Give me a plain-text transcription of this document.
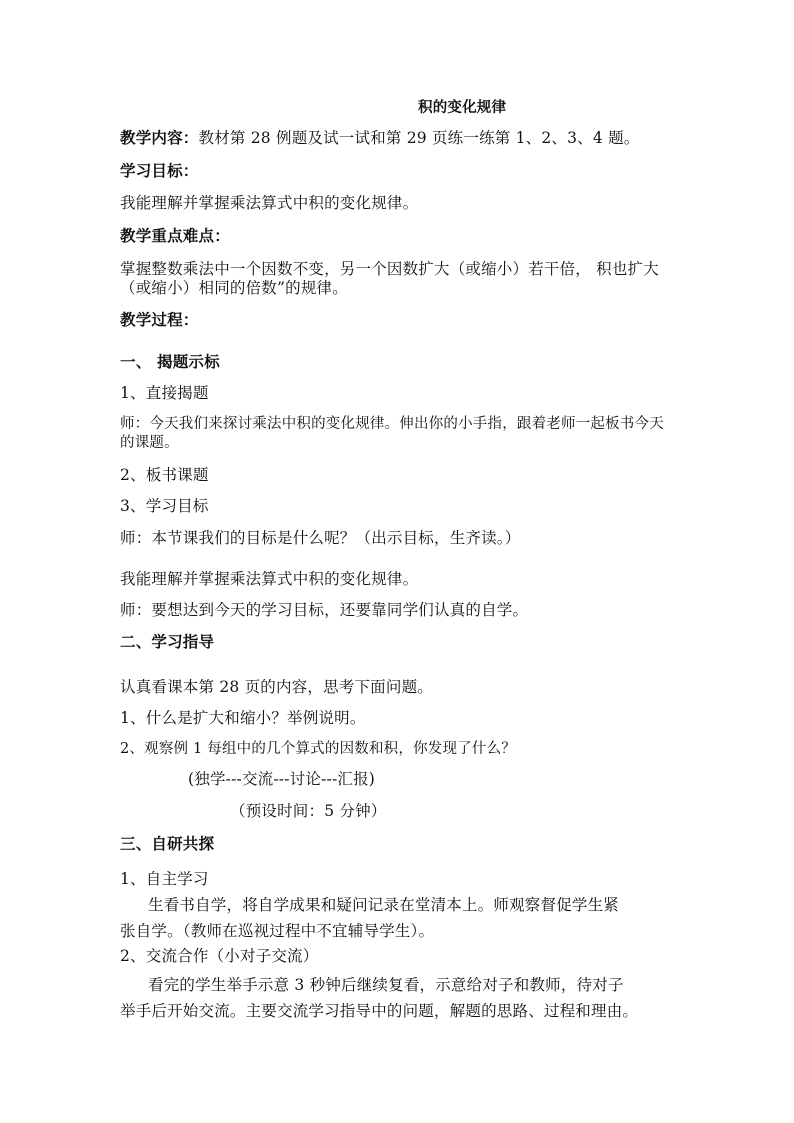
积的变化规律
教学内容：教材第 28 例题及试一试和第 29 页练一练第 1、2、3、4 题。
学习目标：
我能理解并掌握乘法算式中积的变化规律。
教学重点难点：
掌握整数乘法中一个因数不变，另一个因数扩大（或缩小）若干倍， 积也扩大
（或缩小）相同的倍数”的规律。
教学过程：
一、 揭题示标
1、直接揭题
师：今天我们来探讨乘法中积的变化规律。伸出你的小手指，跟着老师一起板书今天
的课题。
2、板书课题
3、学习目标
师：本节课我们的目标是什么呢？（出示目标，生齐读。）
我能理解并掌握乘法算式中积的变化规律。
师：要想达到今天的学习目标，还要靠同学们认真的自学。
二、学习指导
认真看课本第 28 页的内容，思考下面问题。
1、什么是扩大和缩小？举例说明。
2、观察例 1 每组中的几个算式的因数和积，你发现了什么？
(独学---交流---讨论---汇报)
（预设时间：5 分钟）
三、自研共探
1、自主学习
生看书自学，将自学成果和疑问记录在堂清本上。师观察督促学生紧
张自学。（教师在巡视过程中不宜辅导学生）。
2、交流合作（小对子交流）
看完的学生举手示意 3 秒钟后继续复看，示意给对子和教师，待对子
举手后开始交流。主要交流学习指导中的问题，解题的思路、过程和理由。
